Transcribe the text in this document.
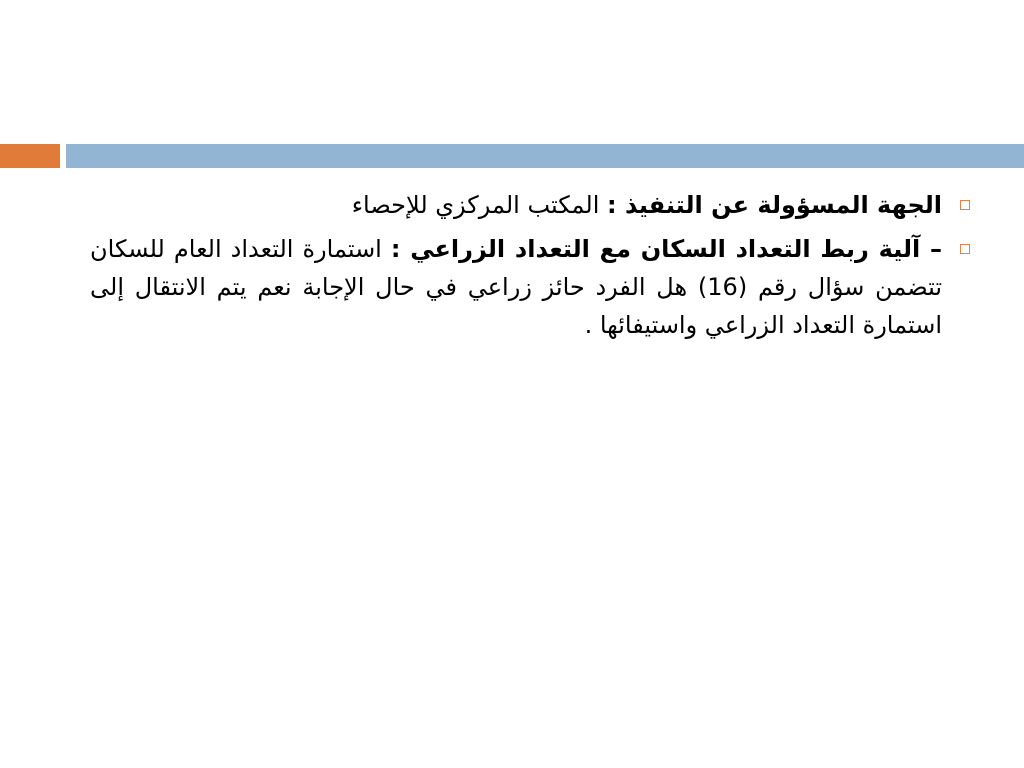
الجهة المسؤولة عن التنفيذ : المكتب المركزي للإحصاء
– آلية ربط التعداد السكان مع التعداد الزراعي : استمارة التعداد العام للسكان تتضمن سؤال رقم (16) هل الفرد حائز زراعي في حال الإجابة نعم يتم الانتقال إلى استمارة التعداد الزراعي واستيفائها .
